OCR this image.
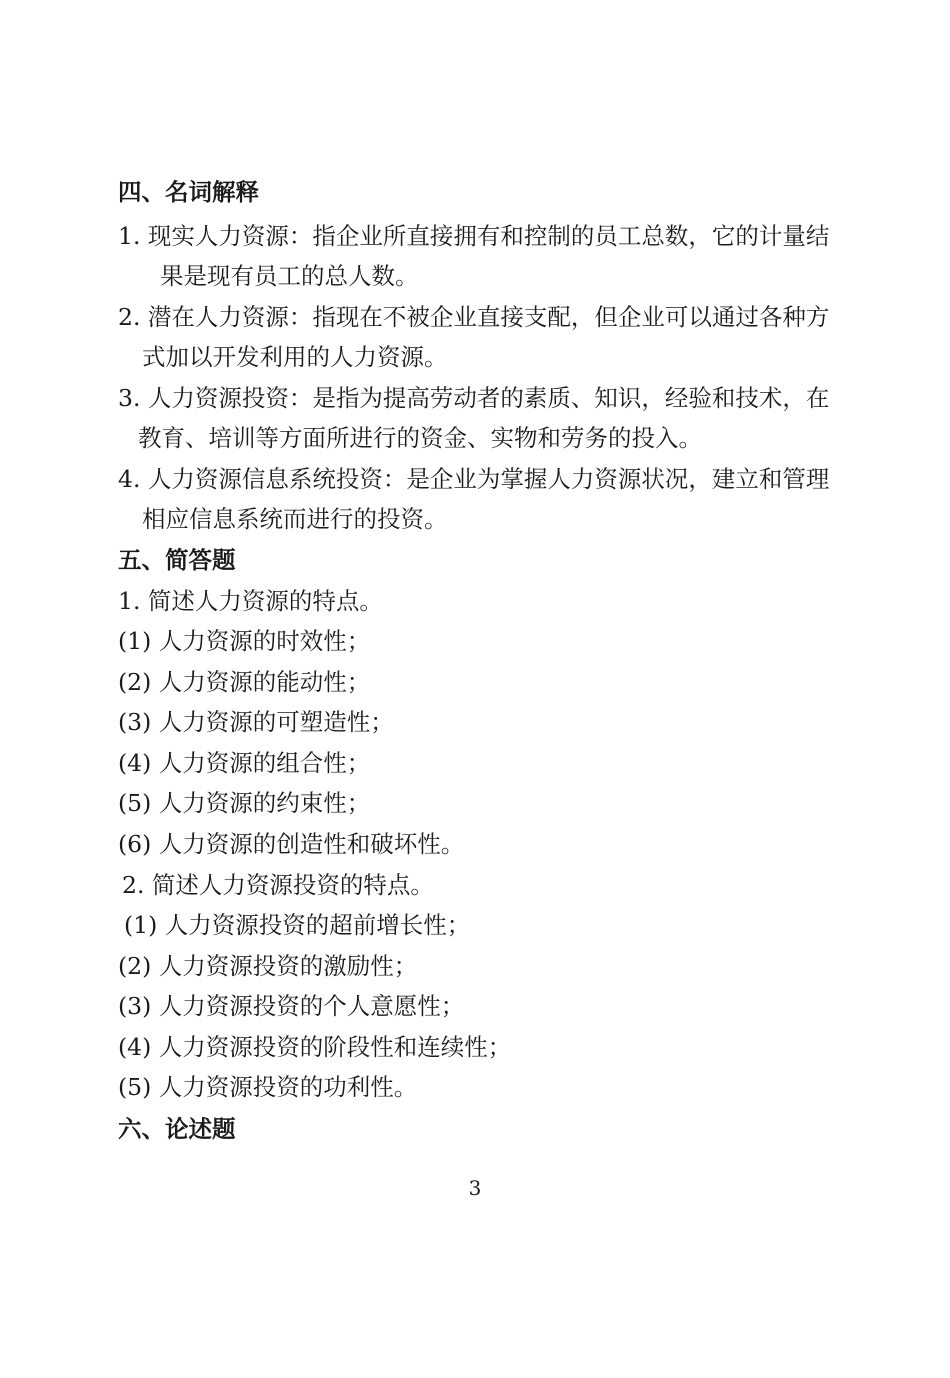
四、名词解释
1. 现实人力资源：指企业所直接拥有和控制的员工总数，它的计量结
果是现有员工的总人数。
2. 潜在人力资源：指现在不被企业直接支配，但企业可以通过各种方
式加以开发利用的人力资源。
3. 人力资源投资：是指为提高劳动者的素质、知识，经验和技术，在
教育、培训等方面所进行的资金、实物和劳务的投入。
4. 人力资源信息系统投资：是企业为掌握人力资源状况，建立和管理
相应信息系统而进行的投资。
五、简答题
1. 简述人力资源的特点。
(1) 人力资源的时效性；
(2) 人力资源的能动性；
(3) 人力资源的可塑造性；
(4) 人力资源的组合性；
(5) 人力资源的约束性；
(6) 人力资源的创造性和破坏性。
2. 简述人力资源投资的特点。
(1) 人力资源投资的超前增长性；
(2) 人力资源投资的激励性；
(3) 人力资源投资的个人意愿性；
(4) 人力资源投资的阶段性和连续性；
(5) 人力资源投资的功利性。
六、论述题
3
